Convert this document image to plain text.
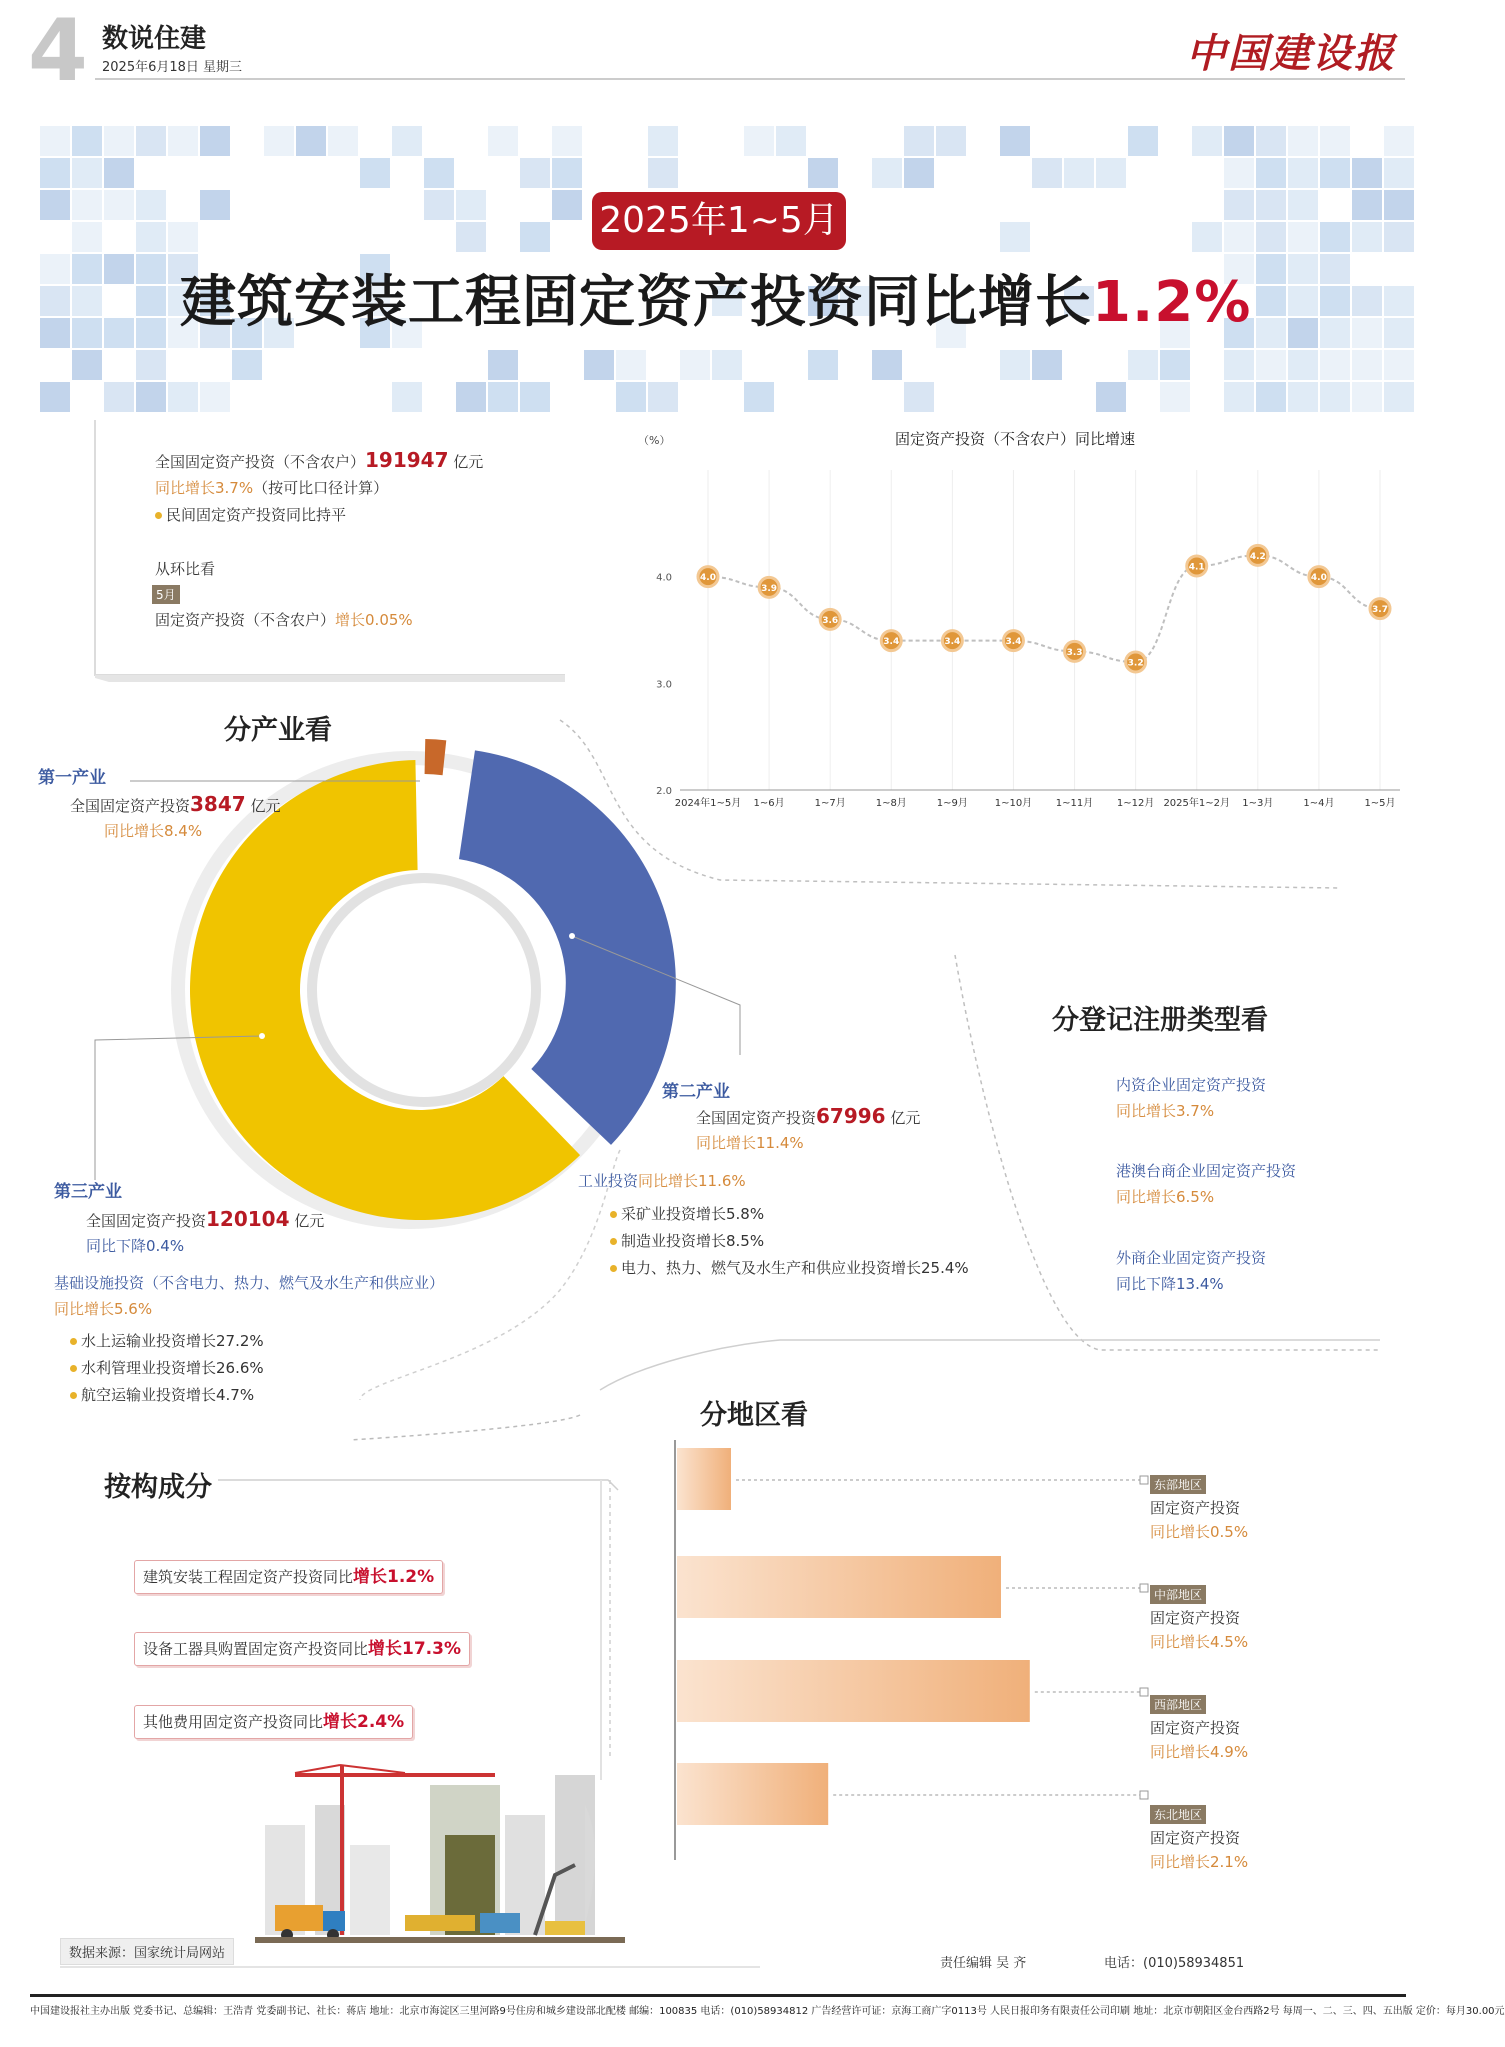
4 数说住建
2025年6月18日 星期三	中国建设报
2025年1~5月
建筑安装工程固定资产投资同比增长1.2%
全国固定资产投资（不含农户）191947 亿元
同比增长3.7%（按可比口径计算）
民间固定资产投资同比持平
从环比看
5月
固定资产投资（不含农户）增长0.05%
固定资产投资（不含农户）同比增速
（%）
2.0
3.0
4.0
2024年1~5月 1~6月	1~7月	1~8月	1~9月	1~10月 1~11月 1~12月 2025年1~2月 1~3月	1~4月	1~5月
4.0
3.9
3.6
3.4	3.4	3.4
3.3
3.2
4.1
4.2
4.0
3.7
分产业看
第一产业
全国固定资产投资3847 亿元
同比增长8.4%
第二产业
全国固定资产投资67996 亿元
同比增长11.4%
工业投资同比增长11.6%
采矿业投资增长5.8%
制造业投资增长8.5%
电力、热力、燃气及水生产和供应业投资增长25.4%
第三产业
全国固定资产投资120104 亿元
同比下降0.4%
基础设施投资（不含电力、热力、燃气及水生产和供应业）
同比增长5.6%
水上运输业投资增长27.2%
水利管理业投资增长26.6%
航空运输业投资增长4.7%
分登记注册类型看
内资企业固定资产投资
同比增长3.7%
港澳台商企业固定资产投资
同比增长6.5%
外商企业固定资产投资
同比下降13.4%
按构成分
建筑安装工程固定资产投资同比增长1.2%
设备工器具购置固定资产投资同比增长17.3%
其他费用固定资产投资同比增长2.4%
分地区看
东部地区
固定资产投资
同比增长0.5%
中部地区
固定资产投资
同比增长4.5%
西部地区
固定资产投资
同比增长4.9%
东北地区
固定资产投资
同比增长2.1%
数据来源：国家统计局网站
责任编辑 吴 齐	电话：(010)58934851
中国建设报社主办出版 党委书记、总编辑：王浩青 党委副书记、社长：蒋店 地址：北京市海淀区三里河路9号住房和城乡建设部北配楼 邮编：100835 电话：(010)58934812 广告经营许可证：京海工商广字0113号 人民日报印务有限责任公司印刷 地址：北京市朝阳区金台西路2号 每周一、二、三、四、五出版 定价：每月30.00元
